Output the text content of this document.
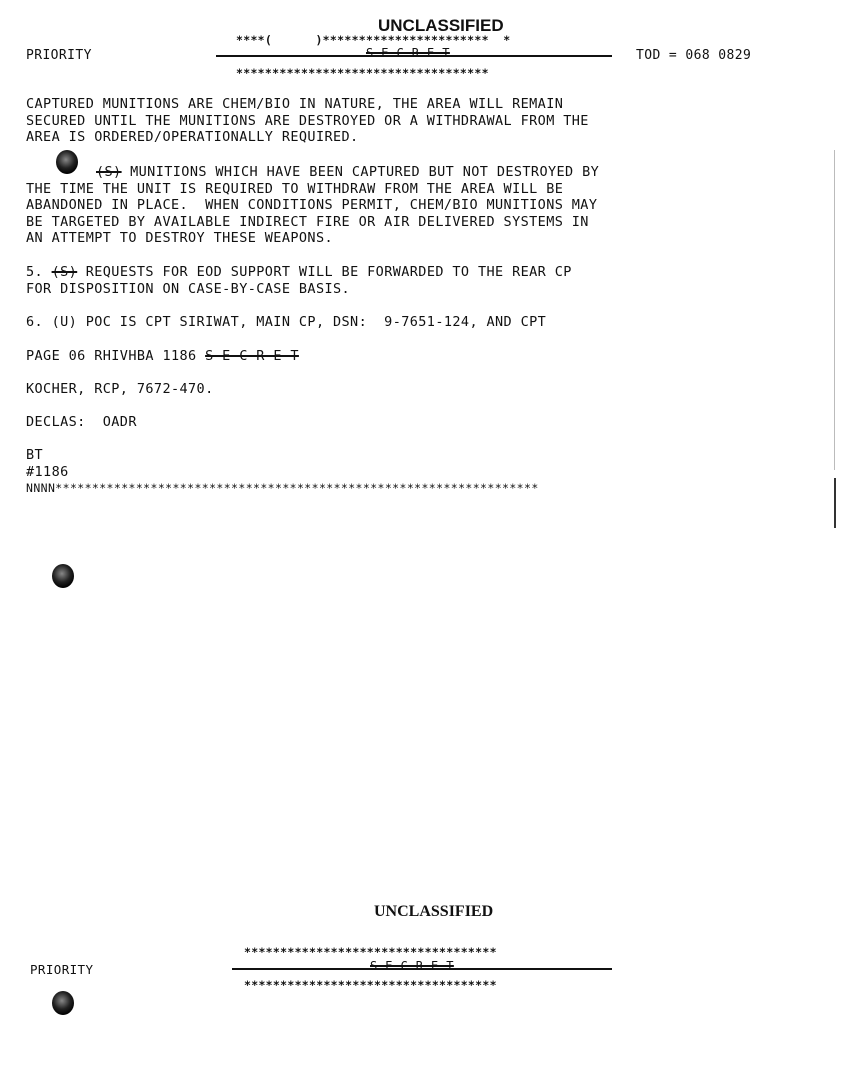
UNCLASSIFIED
PRIORITY
****(      )***********************  *
S E C R E T
***********************************
TOD = 068 0829
CAPTURED MUNITIONS ARE CHEM/BIO IN NATURE, THE AREA WILL REMAIN
SECURED UNTIL THE MUNITIONS ARE DESTROYED OR A WITHDRAWAL FROM THE
AREA IS ORDERED/OPERATIONALLY REQUIRED.
(S) MUNITIONS WHICH HAVE BEEN CAPTURED BUT NOT DESTROYED BY
THE TIME THE UNIT IS REQUIRED TO WITHDRAW FROM THE AREA WILL BE
ABANDONED IN PLACE.  WHEN CONDITIONS PERMIT, CHEM/BIO MUNITIONS MAY
BE TARGETED BY AVAILABLE INDIRECT FIRE OR AIR DELIVERED SYSTEMS IN
AN ATTEMPT TO DESTROY THESE WEAPONS.
5. (S) REQUESTS FOR EOD SUPPORT WILL BE FORWARDED TO THE REAR CP
FOR DISPOSITION ON CASE-BY-CASE BASIS.
6. (U) POC IS CPT SIRIWAT, MAIN CP, DSN:  9-7651-124, AND CPT
PAGE 06 RHIVHBA 1186 S E C R E T
KOCHER, RCP, 7672-470.
DECLAS:  OADR
BT
#1186
NNNN******************************************************************
UNCLASSIFIED
***********************************
PRIORITY	S E C R E T
***********************************
